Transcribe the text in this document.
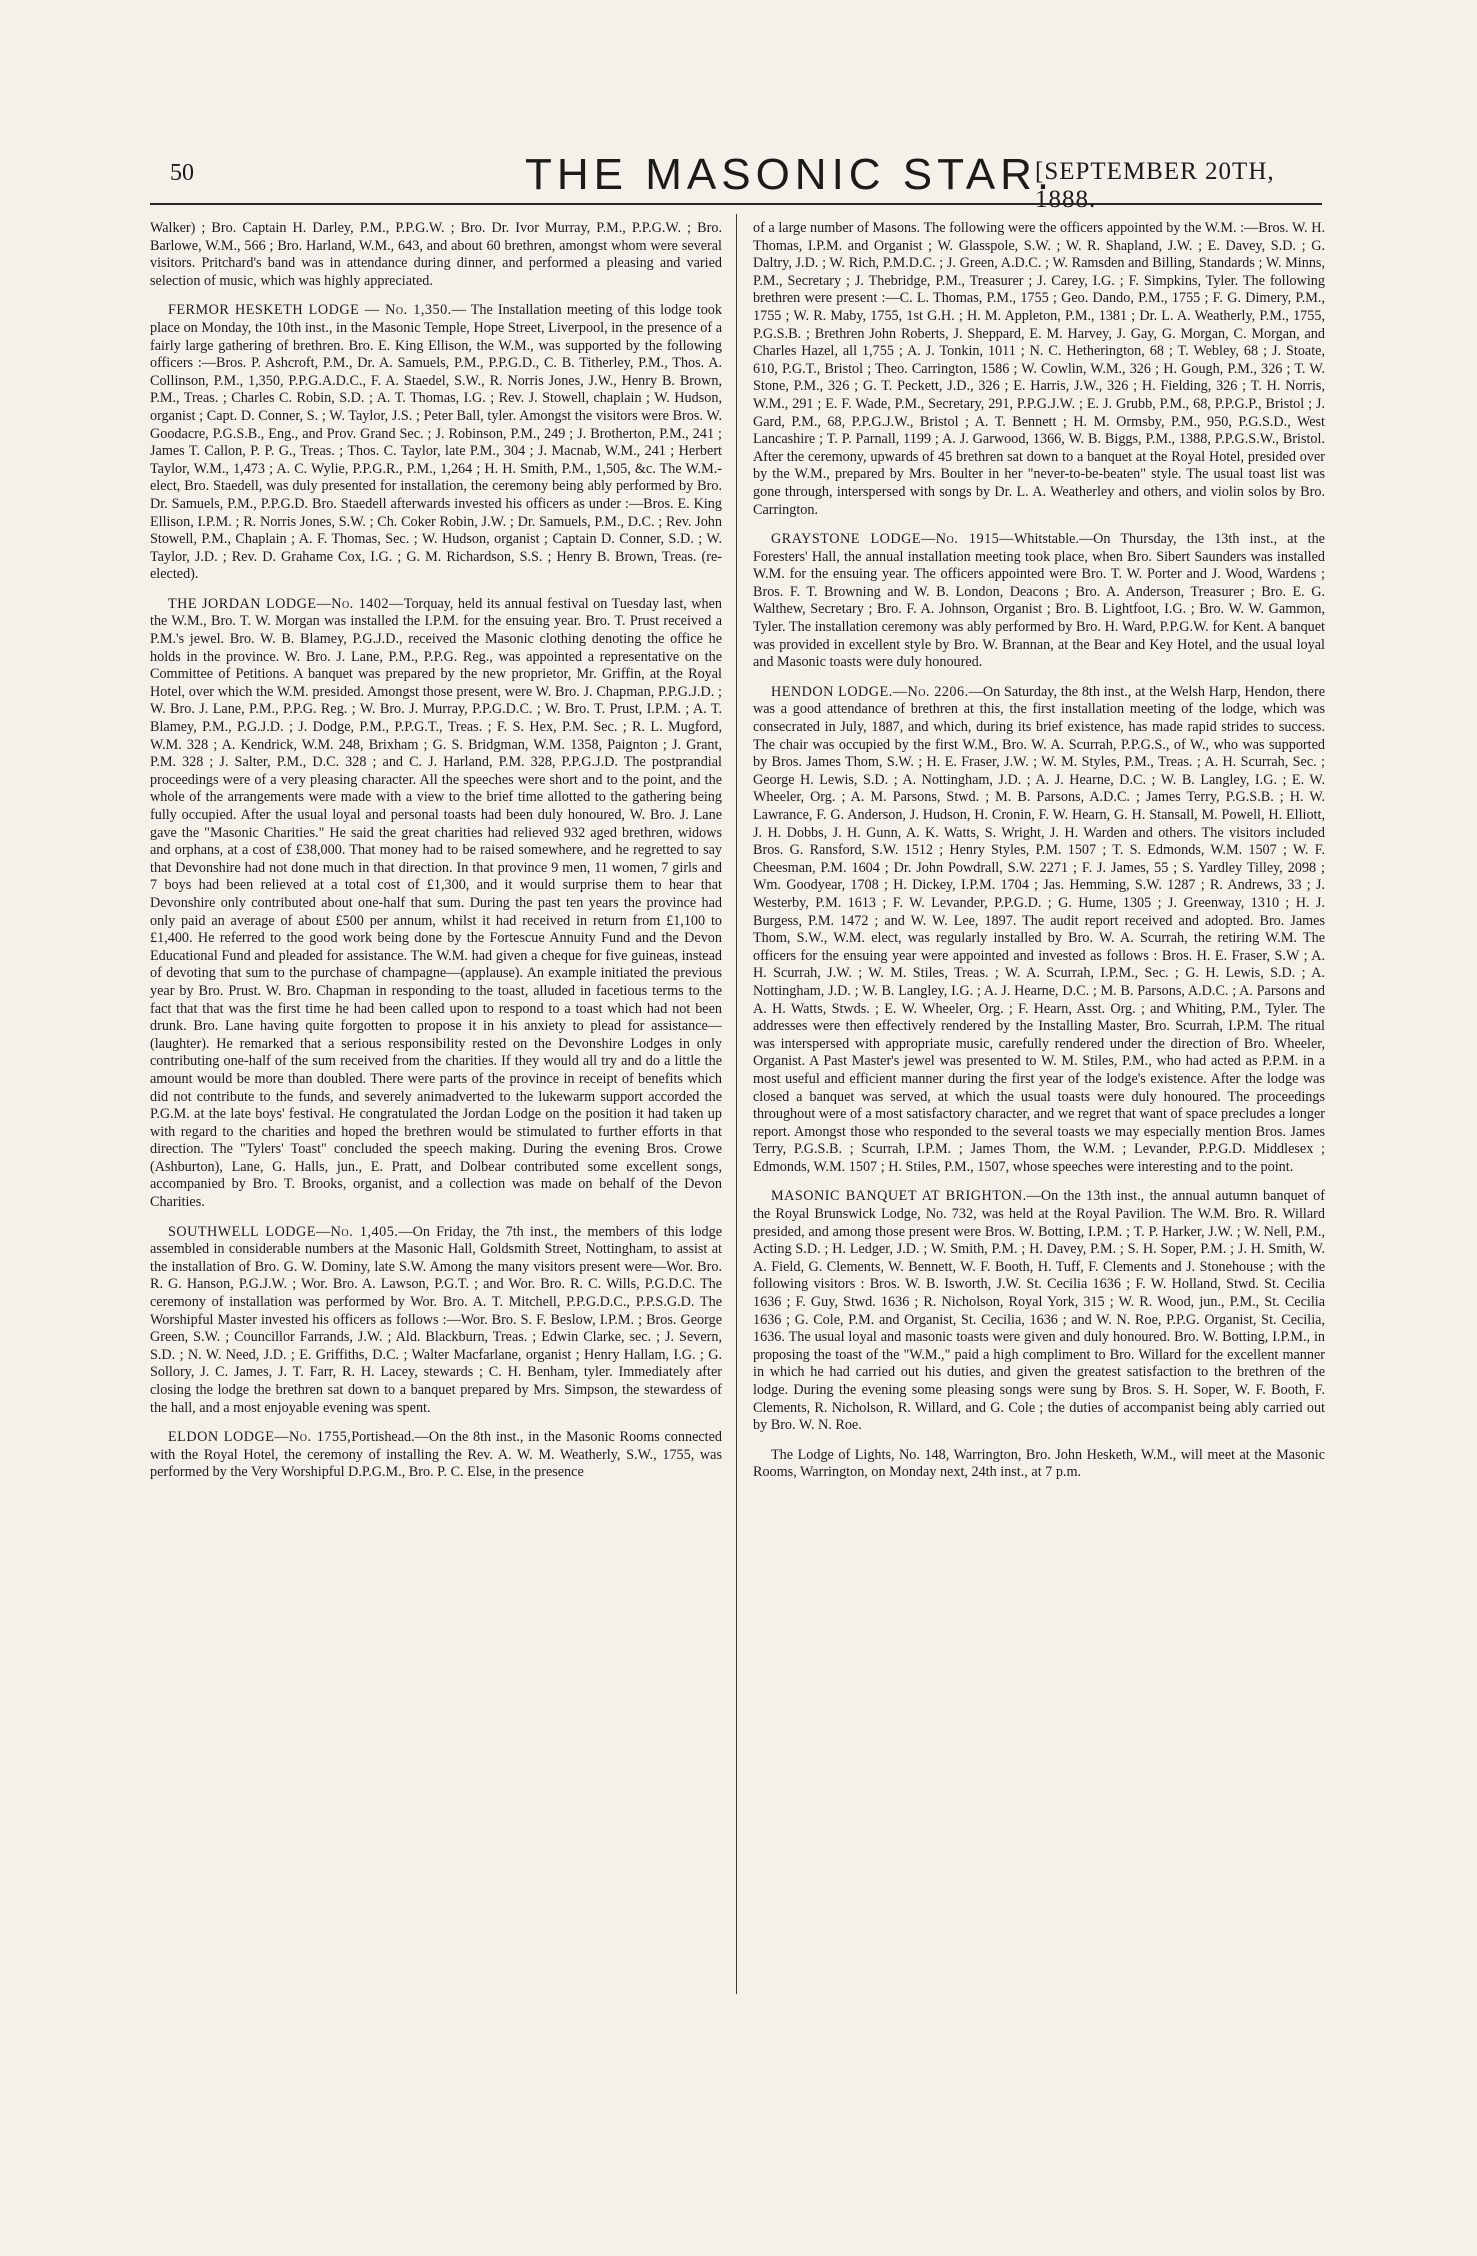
50	THE MASONIC STAR.
[SEPTEMBER 20TH, 1888.

Walker) ; Bro. Captain H. Darley, P.M., P.P.G.W. ; Bro. Dr. Ivor Murray, P.M., P.P.G.W. ; Bro. Barlowe, W.M., 566 ; Bro. Harland, W.M., 643, and about 60 brethren, amongst whom were several visitors. Pritchard's band was in attendance during dinner, and performed a pleasing and varied selection of music, which was highly appreciated.

FERMOR HESKETH LODGE — No. 1,350.— The Installation meeting of this lodge took place on Monday, the 10th inst., in the Masonic Temple, Hope Street, Liverpool, in the presence of a fairly large gathering of brethren. Bro. E. King Ellison, the W.M., was supported by the following officers :—Bros. P. Ashcroft, P.M., Dr. A. Samuels, P.M., P.P.G.D., C. B. Titherley, P.M., Thos. A. Collinson, P.M., 1,350, P.P.G.A.D.C., F. A. Staedel, S.W., R. Norris Jones, J.W., Henry B. Brown, P.M., Treas. ; Charles C. Robin, S.D. ; A. T. Thomas, I.G. ; Rev. J. Stowell, chaplain ; W. Hudson, organist ; Capt. D. Conner, S. ; W. Taylor, J.S. ; Peter Ball, tyler. Amongst the visitors were Bros. W. Goodacre, P.G.S.B., Eng., and Prov. Grand Sec. ; J. Robinson, P.M., 249 ; J. Brotherton, P.M., 241 ; James T. Callon, P. P. G., Treas. ; Thos. C. Taylor, late P.M., 304 ; J. Macnab, W.M., 241 ; Herbert Taylor, W.M., 1,473 ; A. C. Wylie, P.P.G.R., P.M., 1,264 ; H. H. Smith, P.M., 1,505, &c. The W.M.-elect, Bro. Staedell, was duly presented for installation, the ceremony being ably performed by Bro. Dr. Samuels, P.M., P.P.G.D. Bro. Staedell afterwards invested his officers as under :—Bros. E. King Ellison, I.P.M. ; R. Norris Jones, S.W. ; Ch. Coker Robin, J.W. ; Dr. Samuels, P.M., D.C. ; Rev. John Stowell, P.M., Chaplain ; A. F. Thomas, Sec. ; W. Hudson, organist ; Captain D. Conner, S.D. ; W. Taylor, J.D. ; Rev. D. Grahame Cox, I.G. ; G. M. Richardson, S.S. ; Henry B. Brown, Treas. (re-elected).

THE JORDAN LODGE—No. 1402—Torquay, held its annual festival on Tuesday last, when the W.M., Bro. T. W. Morgan was installed the I.P.M. for the ensuing year. Bro. T. Prust received a P.M.'s jewel. Bro. W. B. Blamey, P.G.J.D., received the Masonic clothing denoting the office he holds in the province. W. Bro. J. Lane, P.M., P.P.G. Reg., was appointed a representative on the Committee of Petitions. A banquet was prepared by the new proprietor, Mr. Griffin, at the Royal Hotel, over which the W.M. presided. Amongst those present, were W. Bro. J. Chapman, P.P.G.J.D. ; W. Bro. J. Lane, P.M., P.P.G. Reg. ; W. Bro. J. Murray, P.P.G.D.C. ; W. Bro. T. Prust, I.P.M. ; A. T. Blamey, P.M., P.G.J.D. ; J. Dodge, P.M., P.P.G.T., Treas. ; F. S. Hex, P.M. Sec. ; R. L. Mugford, W.M. 328 ; A. Kendrick, W.M. 248, Brixham ; G. S. Bridgman, W.M. 1358, Paignton ; J. Grant, P.M. 328 ; J. Salter, P.M., D.C. 328 ; and C. J. Harland, P.M. 328, P.P.G.J.D. The postprandial proceedings were of a very pleasing character. All the speeches were short and to the point, and the whole of the arrangements were made with a view to the brief time allotted to the gathering being fully occupied. After the usual loyal and personal toasts had been duly honoured, W. Bro. J. Lane gave the "Masonic Charities." He said the great charities had relieved 932 aged brethren, widows and orphans, at a cost of £38,000. That money had to be raised somewhere, and he regretted to say that Devonshire had not done much in that direction. In that province 9 men, 11 women, 7 girls and 7 boys had been relieved at a total cost of £1,300, and it would surprise them to hear that Devonshire only contributed about one-half that sum. During the past ten years the province had only paid an average of about £500 per annum, whilst it had received in return from £1,100 to £1,400. He referred to the good work being done by the Fortescue Annuity Fund and the Devon Educational Fund and pleaded for assistance. The W.M. had given a cheque for five guineas, instead of devoting that sum to the purchase of champagne—(applause). An example initiated the previous year by Bro. Prust. W. Bro. Chapman in responding to the toast, alluded in facetious terms to the fact that that was the first time he had been called upon to respond to a toast which had not been drunk. Bro. Lane having quite forgotten to propose it in his anxiety to plead for assistance—(laughter). He remarked that a serious responsibility rested on the Devonshire Lodges in only contributing one-half of the sum received from the charities. If they would all try and do a little the amount would be more than doubled. There were parts of the province in receipt of benefits which did not contribute to the funds, and severely animadverted to the lukewarm support accorded the P.G.M. at the late boys' festival. He congratulated the Jordan Lodge on the position it had taken up with regard to the charities and hoped the brethren would be stimulated to further efforts in that direction. The "Tylers' Toast" concluded the speech making. During the evening Bros. Crowe (Ashburton), Lane, G. Halls, jun., E. Pratt, and Dolbear contributed some excellent songs, accompanied by Bro. T. Brooks, organist, and a collection was made on behalf of the Devon Charities.

SOUTHWELL LODGE—No. 1,405.—On Friday, the 7th inst., the members of this lodge assembled in considerable numbers at the Masonic Hall, Goldsmith Street, Nottingham, to assist at the installation of Bro. G. W. Dominy, late S.W. Among the many visitors present were—Wor. Bro. R. G. Hanson, P.G.J.W. ; Wor. Bro. A. Lawson, P.G.T. ; and Wor. Bro. R. C. Wills, P.G.D.C. The ceremony of installation was performed by Wor. Bro. A. T. Mitchell, P.P.G.D.C., P.P.S.G.D. The Worshipful Master invested his officers as follows :—Wor. Bro. S. F. Beslow, I.P.M. ; Bros. George Green, S.W. ; Councillor Farrands, J.W. ; Ald. Blackburn, Treas. ; Edwin Clarke, sec. ; J. Severn, S.D. ; N. W. Need, J.D. ; E. Griffiths, D.C. ; Walter Macfarlane, organist ; Henry Hallam, I.G. ; G. Sollory, J. C. James, J. T. Farr, R. H. Lacey, stewards ; C. H. Benham, tyler. Immediately after closing the lodge the brethren sat down to a banquet prepared by Mrs. Simpson, the stewardess of the hall, and a most enjoyable evening was spent.

ELDON LODGE—No. 1755,Portishead.—On the 8th inst., in the Masonic Rooms connected with the Royal Hotel, the ceremony of installing the Rev. A. W. M. Weatherly, S.W., 1755, was performed by the Very Worshipful D.P.G.M., Bro. P. C. Else, in the presence

of a large number of Masons. The following were the officers appointed by the W.M. :—Bros. W. H. Thomas, I.P.M. and Organist ; W. Glasspole, S.W. ; W. R. Shapland, J.W. ; E. Davey, S.D. ; G. Daltry, J.D. ; W. Rich, P.M.D.C. ; J. Green, A.D.C. ; W. Ramsden and Billing, Standards ; W. Minns, P.M., Secretary ; J. Thebridge, P.M., Treasurer ; J. Carey, I.G. ; F. Simpkins, Tyler. The following brethren were present :—C. L. Thomas, P.M., 1755 ; Geo. Dando, P.M., 1755 ; F. G. Dimery, P.M., 1755 ; W. R. Maby, 1755, 1st G.H. ; H. M. Appleton, P.M., 1381 ; Dr. L. A. Weatherly, P.M., 1755, P.G.S.B. ; Brethren John Roberts, J. Sheppard, E. M. Harvey, J. Gay, G. Morgan, C. Morgan, and Charles Hazel, all 1,755 ; A. J. Tonkin, 1011 ; N. C. Hetherington, 68 ; T. Webley, 68 ; J. Stoate, 610, P.G.T., Bristol ; Theo. Carrington, 1586 ; W. Cowlin, W.M., 326 ; H. Gough, P.M., 326 ; T. W. Stone, P.M., 326 ; G. T. Peckett, J.D., 326 ; E. Harris, J.W., 326 ; H. Fielding, 326 ; T. H. Norris, W.M., 291 ; E. F. Wade, P.M., Secretary, 291, P.P.G.J.W. ; E. J. Grubb, P.M., 68, P.P.G.P., Bristol ; J. Gard, P.M., 68, P.P.G.J.W., Bristol ; A. T. Bennett ; H. M. Ormsby, P.M., 950, P.G.S.D., West Lancashire ; T. P. Parnall, 1199 ; A. J. Garwood, 1366, W. B. Biggs, P.M., 1388, P.P.G.S.W., Bristol. After the ceremony, upwards of 45 brethren sat down to a banquet at the Royal Hotel, presided over by the W.M., prepared by Mrs. Boulter in her "never-to-be-beaten" style. The usual toast list was gone through, interspersed with songs by Dr. L. A. Weatherley and others, and violin solos by Bro. Carrington.

GRAYSTONE LODGE—No. 1915—Whitstable.—On Thursday, the 13th inst., at the Foresters' Hall, the annual installation meeting took place, when Bro. Sibert Saunders was installed W.M. for the ensuing year. The officers appointed were Bro. T. W. Porter and J. Wood, Wardens ; Bros. F. T. Browning and W. B. London, Deacons ; Bro. A. Anderson, Treasurer ; Bro. E. G. Walthew, Secretary ; Bro. F. A. Johnson, Organist ; Bro. B. Lightfoot, I.G. ; Bro. W. W. Gammon, Tyler. The installation ceremony was ably performed by Bro. H. Ward, P.P.G.W. for Kent. A banquet was provided in excellent style by Bro. W. Brannan, at the Bear and Key Hotel, and the usual loyal and Masonic toasts were duly honoured.

HENDON LODGE.—No. 2206.—On Saturday, the 8th inst., at the Welsh Harp, Hendon, there was a good attendance of brethren at this, the first installation meeting of the lodge, which was consecrated in July, 1887, and which, during its brief existence, has made rapid strides to success. The chair was occupied by the first W.M., Bro. W. A. Scurrah, P.P.G.S., of W., who was supported by Bros. James Thom, S.W. ; H. E. Fraser, J.W. ; W. M. Styles, P.M., Treas. ; A. H. Scurrah, Sec. ; George H. Lewis, S.D. ; A. Nottingham, J.D. ; A. J. Hearne, D.C. ; W. B. Langley, I.G. ; E. W. Wheeler, Org. ; A. M. Parsons, Stwd. ; M. B. Parsons, A.D.C. ; James Terry, P.G.S.B. ; H. W. Lawrance, F. G. Anderson, J. Hudson, H. Cronin, F. W. Hearn, G. H. Stansall, M. Powell, H. Elliott, J. H. Dobbs, J. H. Gunn, A. K. Watts, S. Wright, J. H. Warden and others. The visitors included Bros. G. Ransford, S.W. 1512 ; Henry Styles, P.M. 1507 ; T. S. Edmonds, W.M. 1507 ; W. F. Cheesman, P.M. 1604 ; Dr. John Powdrall, S.W. 2271 ; F. J. James, 55 ; S. Yardley Tilley, 2098 ; Wm. Goodyear, 1708 ; H. Dickey, I.P.M. 1704 ; Jas. Hemming, S.W. 1287 ; R. Andrews, 33 ; J. Westerby, P.M. 1613 ; F. W. Levander, P.P.G.D. ; G. Hume, 1305 ; J. Greenway, 1310 ; H. J. Burgess, P.M. 1472 ; and W. W. Lee, 1897. The audit report received and adopted. Bro. James Thom, S.W., W.M. elect, was regularly installed by Bro. W. A. Scurrah, the retiring W.M. The officers for the ensuing year were appointed and invested as follows : Bros. H. E. Fraser, S.W ; A. H. Scurrah, J.W. ; W. M. Stiles, Treas. ; W. A. Scurrah, I.P.M., Sec. ; G. H. Lewis, S.D. ; A. Nottingham, J.D. ; W. B. Langley, I.G. ; A. J. Hearne, D.C. ; M. B. Parsons, A.D.C. ; A. Parsons and A. H. Watts, Stwds. ; E. W. Wheeler, Org. ; F. Hearn, Asst. Org. ; and Whiting, P.M., Tyler. The addresses were then effectively rendered by the Installing Master, Bro. Scurrah, I.P.M. The ritual was interspersed with appropriate music, carefully rendered under the direction of Bro. Wheeler, Organist. A Past Master's jewel was presented to W. M. Stiles, P.M., who had acted as P.P.M. in a most useful and efficient manner during the first year of the lodge's existence. After the lodge was closed a banquet was served, at which the usual toasts were duly honoured. The proceedings throughout were of a most satisfactory character, and we regret that want of space precludes a longer report. Amongst those who responded to the several toasts we may especially mention Bros. James Terry, P.G.S.B. ; Scurrah, I.P.M. ; James Thom, the W.M. ; Levander, P.P.G.D. Middlesex ; Edmonds, W.M. 1507 ; H. Stiles, P.M., 1507, whose speeches were interesting and to the point.

MASONIC BANQUET AT BRIGHTON.—On the 13th inst., the annual autumn banquet of the Royal Brunswick Lodge, No. 732, was held at the Royal Pavilion. The W.M. Bro. R. Willard presided, and among those present were Bros. W. Botting, I.P.M. ; T. P. Harker, J.W. ; W. Nell, P.M., Acting S.D. ; H. Ledger, J.D. ; W. Smith, P.M. ; H. Davey, P.M. ; S. H. Soper, P.M. ; J. H. Smith, W. A. Field, G. Clements, W. Bennett, W. F. Booth, H. Tuff, F. Clements and J. Stonehouse ; with the following visitors : Bros. W. B. Isworth, J.W. St. Cecilia 1636 ; F. W. Holland, Stwd. St. Cecilia 1636 ; F. Guy, Stwd. 1636 ; R. Nicholson, Royal York, 315 ; W. R. Wood, jun., P.M., St. Cecilia 1636 ; G. Cole, P.M. and Organist, St. Cecilia, 1636 ; and W. N. Roe, P.P.G. Organist, St. Cecilia, 1636. The usual loyal and masonic toasts were given and duly honoured. Bro. W. Botting, I.P.M., in proposing the toast of the "W.M.," paid a high compliment to Bro. Willard for the excellent manner in which he had carried out his duties, and given the greatest satisfaction to the brethren of the lodge. During the evening some pleasing songs were sung by Bros. S. H. Soper, W. F. Booth, F. Clements, R. Nicholson, R. Willard, and G. Cole ; the duties of accompanist being ably carried out by Bro. W. N. Roe.

The Lodge of Lights, No. 148, Warrington, Bro. John Hesketh, W.M., will meet at the Masonic Rooms, Warrington, on Monday next, 24th inst., at 7 p.m.
